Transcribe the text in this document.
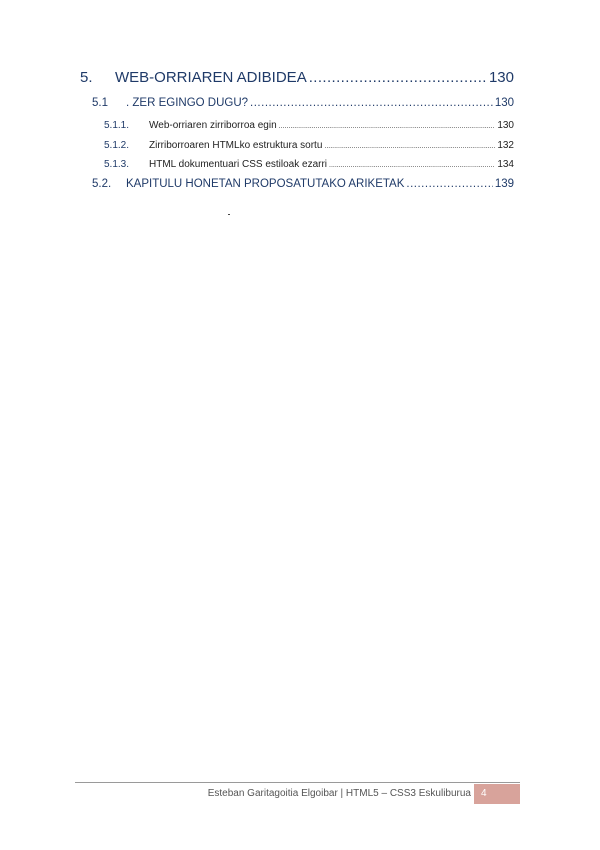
5.	WEB-ORRIAREN ADIBIDEA .....	130
5.1	. ZER EGINGO DUGU? .....	130
5.1.1.	Web-orriaren zirriborroa egin .....	130
5.1.2.	Zirriborroaren HTMLko estruktura sortu .....	132
5.1.3.	HTML dokumentuari CSS estiloak ezarri .....	134
5.2.	KAPITULU HONETAN PROPOSATUTAKO ARIKETAK .....	139
Esteban Garitagoitia Elgoibar | HTML5 – CSS3 Eskuliburua	4
